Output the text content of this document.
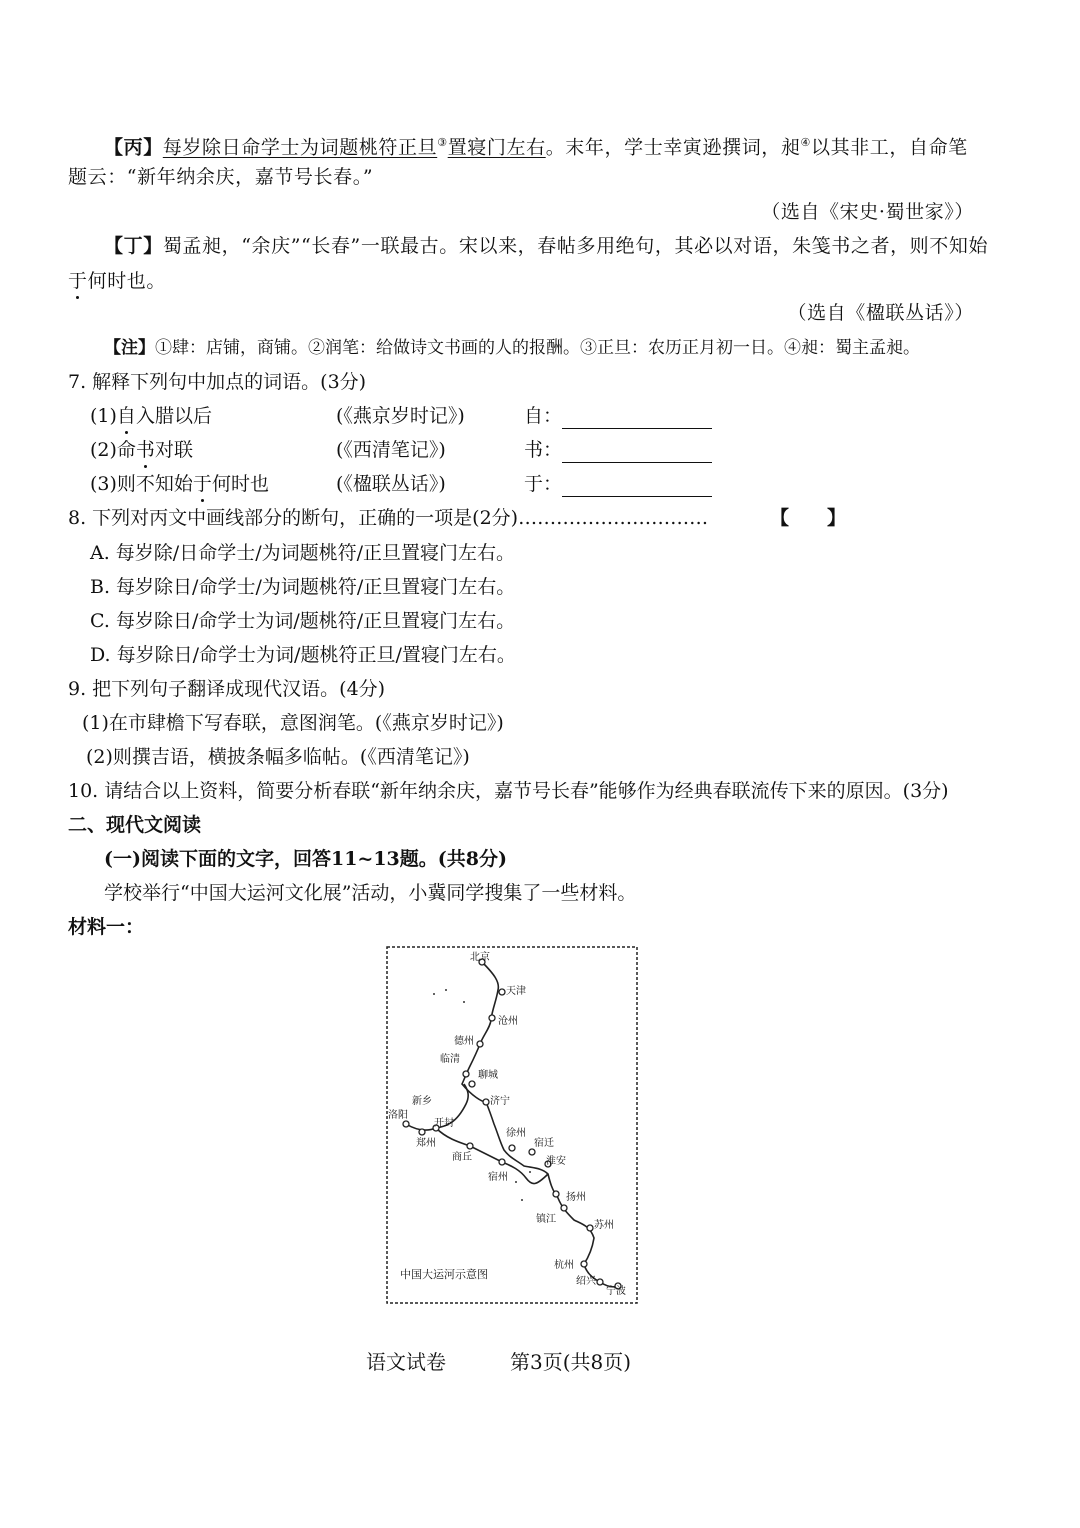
【丙】每岁除日命学士为词题桃符正旦③置寝门左右。末年，学士幸寅逊撰词，昶④以其非工，自命笔
题云：“新年纳余庆，嘉节号长春。”
（选自《宋史·蜀世家》）
【丁】蜀孟昶，“余庆”“长春”一联最古。宋以来，春帖多用绝句，其必以对语，朱笺书之者，则不知始
于何时也。
（选自《楹联丛话》）
【注】①肆：店铺，商铺。②润笔：给做诗文书画的人的报酬。③正旦：农历正月初一日。④昶：蜀主孟昶。
7. 解释下列句中加点的词语。(3分)
(1)自入腊以后	(《燕京岁时记》)	自：
(2)命书对联	(《西清笔记》)	书：
(3)则不知始于何时也	(《楹联丛话》)	于：
8. 下列对丙文中画线部分的断句，正确的一项是(2分)…………………………	【　　】
A. 每岁除/日命学士/为词题桃符/正旦置寝门左右。
B. 每岁除日/命学士/为词题桃符/正旦置寝门左右。
C. 每岁除日/命学士为词/题桃符/正旦置寝门左右。
D. 每岁除日/命学士为词/题桃符正旦/置寝门左右。
9. 把下列句子翻译成现代汉语。(4分)
(1)在市肆檐下写春联，意图润笔。(《燕京岁时记》)
(2)则撰吉语，横披条幅多临帖。(《西清笔记》)
10. 请结合以上资料，简要分析春联“新年纳余庆，嘉节号长春”能够作为经典春联流传下来的原因。(3分)
二、现代文阅读
(一)阅读下面的文字，回答11~13题。(共8分)
学校举行“中国大运河文化展”活动，小冀同学搜集了一些材料。
材料一：
北京
天津
沧州
德州
临清
聊城
济宁
新乡
洛阳
开封
郑州
商丘
宿州
徐州
宿迁
淮安
扬州
镇江
苏州
杭州
绍兴
宁波
中国大运河示意图
语文试卷	第3页(共8页)
